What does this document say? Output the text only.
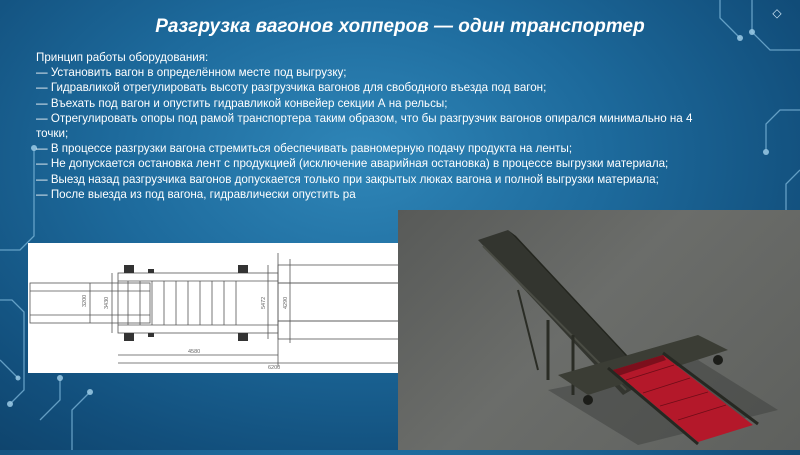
◇
Разгрузка вагонов хопперов — один транспортер
Принцип работы оборудования:
— Установить вагон в определённом месте под выгрузку;
— Гидравликой отрегулировать высоту разгрузчика вагонов для свободного въезда под вагон;
— Въехать под вагон и опустить гидравликой конвейер секции А на рельсы;
— Отрегулировать опоры под рамой транспортера таким образом, что бы разгрузчик вагонов опирался минимально на 4 точки;
— В процессе разгрузки вагона стремиться обеспечивать равномерную подачу продукта на ленты;
— Не допускается остановка лент с продукцией (исключение аварийная остановка) в процессе выгрузки материала;
— Выезд назад разгрузчика вагонов допускается только при закрытых люках вагона и полной выгрузки материала;
— После выезда из под вагона, гидравлически опустить ра
3200	3430	5472	4290
4580
6200
